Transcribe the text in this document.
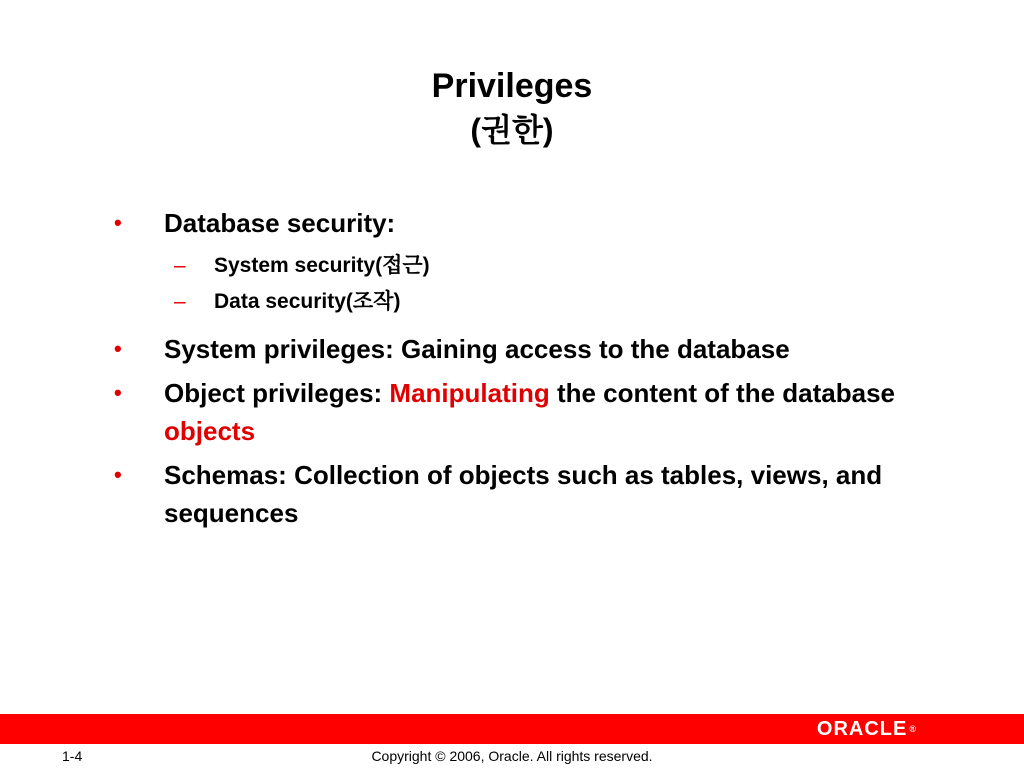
Privileges
(권한)
• Database security:
– System security(접근)
– Data security(조작)
• System privileges: Gaining access to the database
• Object privileges: Manipulating the content of the database objects
• Schemas: Collection of objects such as tables, views, and sequences
ORACLE ®
1-4	Copyright © 2006, Oracle. All rights reserved.
